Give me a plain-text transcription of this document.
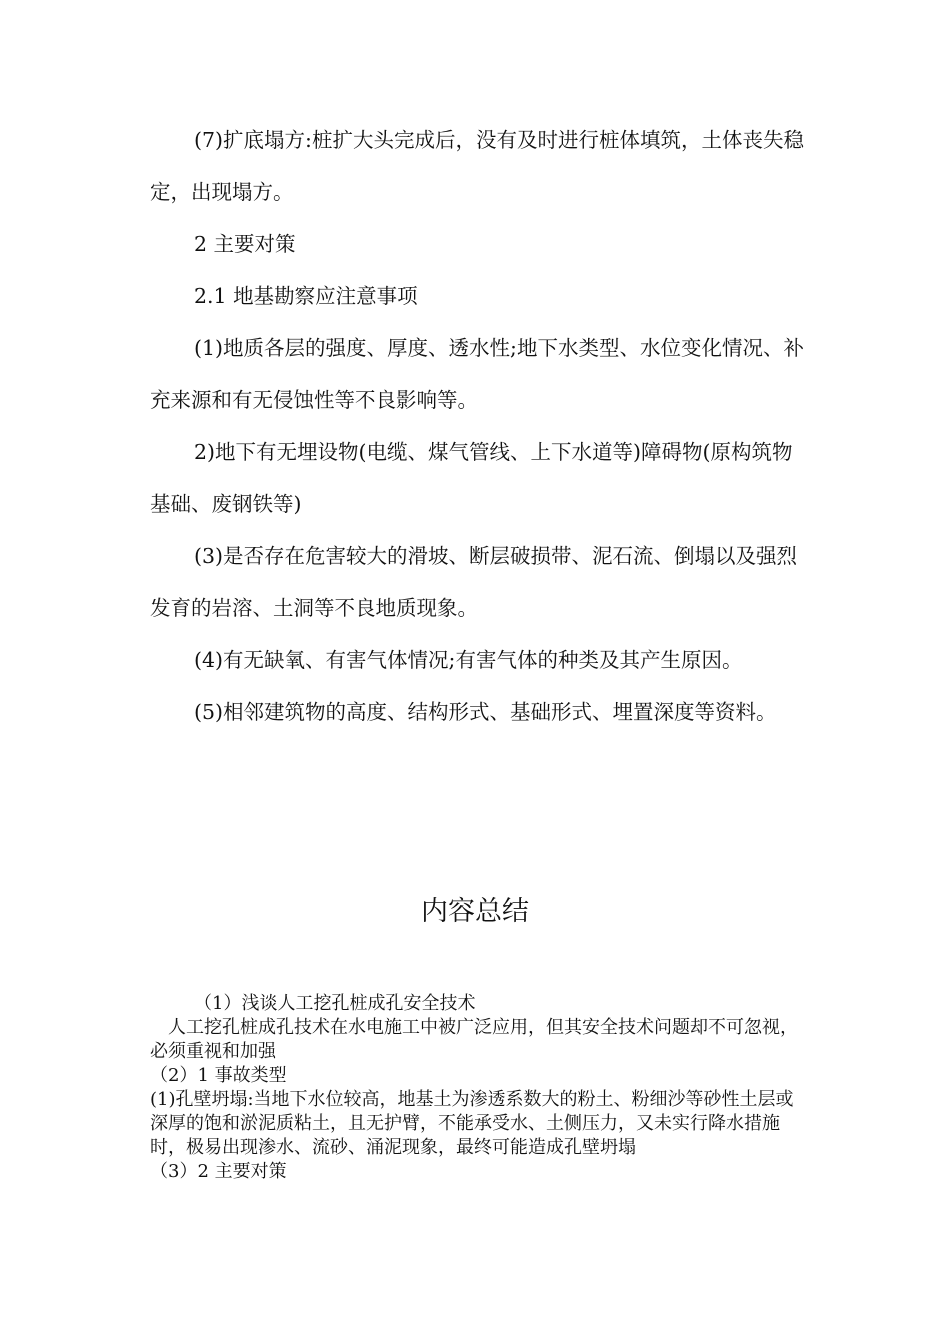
(7)扩底塌方:桩扩大头完成后，没有及时进行桩体填筑，土体丧失稳定，出现塌方。

2 主要对策

2.1 地基勘察应注意事项

(1)地质各层的强度、厚度、透水性;地下水类型、水位变化情况、补充来源和有无侵蚀性等不良影响等。

2)地下有无埋设物(电缆、煤气管线、上下水道等)障碍物(原构筑物基础、废钢铁等)

(3)是否存在危害较大的滑坡、断层破损带、泥石流、倒塌以及强烈发育的岩溶、土洞等不良地质现象。

(4)有无缺氧、有害气体情况;有害气体的种类及其产生原因。

(5)相邻建筑物的高度、结构形式、基础形式、埋置深度等资料。

内容总结

（1）浅谈人工挖孔桩成孔安全技术

人工挖孔桩成孔技术在水电施工中被广泛应用，但其安全技术问题却不可忽视，必须重视和加强

（2）1 事故类型

(1)孔壁坍塌:当地下水位较高，地基土为渗透系数大的粉土、粉细沙等砂性土层或深厚的饱和淤泥质粘土，且无护臂，不能承受水、土侧压力，又未实行降水措施时，极易出现渗水、流砂、涌泥现象，最终可能造成孔壁坍塌

（3）2 主要对策
